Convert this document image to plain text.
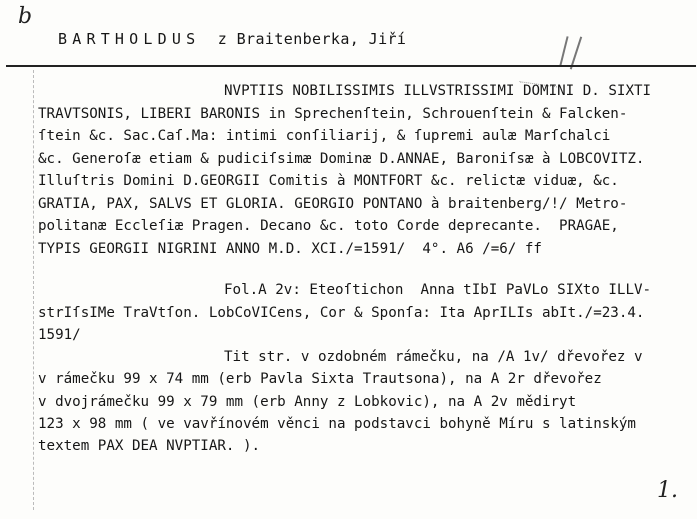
b
BARTHOLDUS z Braitenberka, Jiří
NVPTIIS NOBILISSIMIS ILLVSTRISSIMI DOMINI D. SIXTI
TRAVTSONIS, LIBERI BARONIS in Sprechenſtein, Schrouenſtein & Falcken-
ſtein &c. Sac.Caſ.Ma: intimi conſiliarij, & ſupremi aulæ Marſchalci
&c. Generoſæ etiam & pudiciſsimæ Dominæ D.ANNAE, Baroniſsæ à LOBCOVITZ.
Illuſtris Domini D.GEORGII Comitis à MONTFORT &c. relictæ viduæ, &c.
GRATIA, PAX, SALVS ET GLORIA. GEORGIO PONTANO à braitenberg/!/ Metro-
politanæ Eccleſiæ Pragen. Decano &c. toto Corde deprecante.  PRAGAE,
TYPIS GEORGII NIGRINI ANNO M.D. XCI./=1591/  4°. A6 /=6/ ff
Fol.A 2v: Eteoſtichon  Anna tIbI PaVLo SIXto ILLV-
strIſsIMe TraVtſon. LobCoVICens, Cor & Sponſa: Ita AprILIs abIt./=23.4.
1591/
Tit str. v ozdobném rámečku, na /A 1v/ dřevořez v
v rámečku 99 x 74 mm (erb Pavla Sixta Trautsona), na A 2r dřevořez
v dvojrámečku 99 x 79 mm (erb Anny z Lobkovic), na A 2v mědiryt
123 x 98 mm ( ve vavřínovém věnci na podstavci bohyně Míru s latinským
textem PAX DEA NVPTIAR. ).
1.
